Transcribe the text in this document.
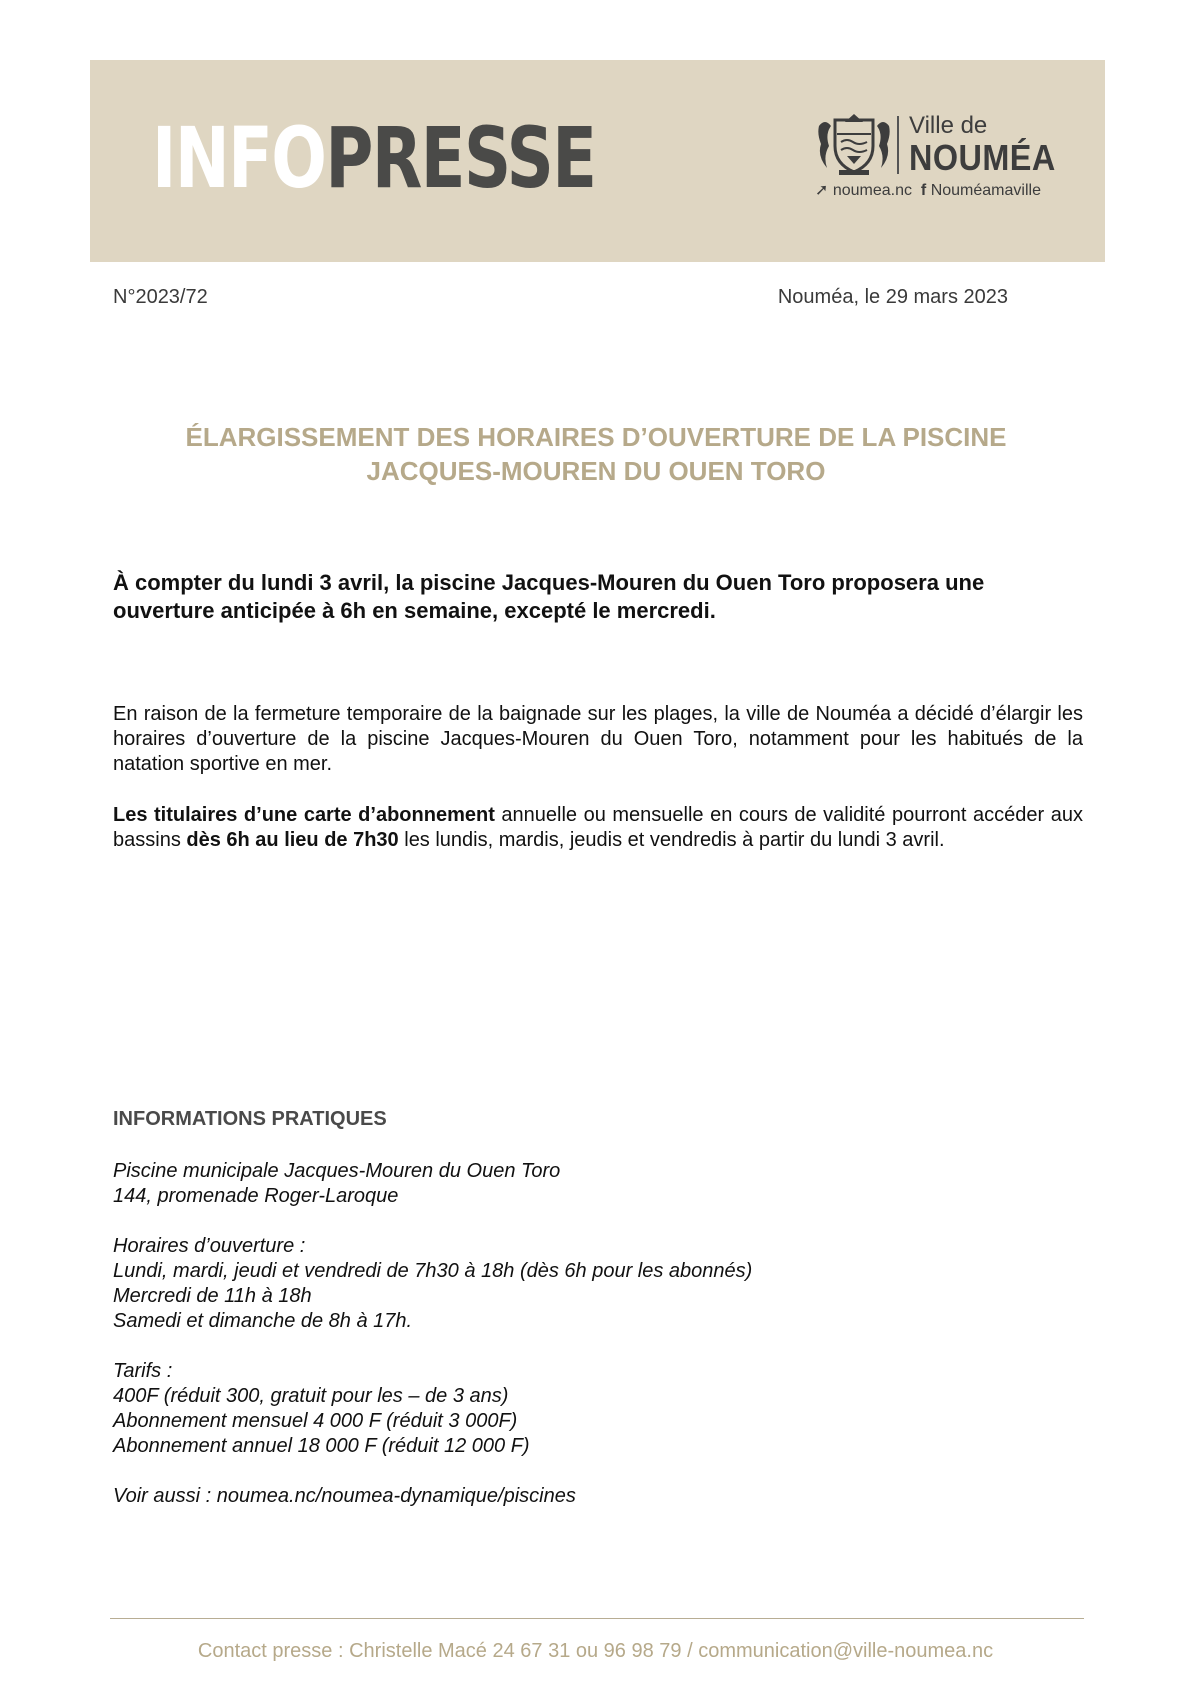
INFOPRESSE	Ville de
NOUMÉA
➚ noumea.nc f Nouméamaville
N°2023/72	Nouméa, le 29 mars 2023
ÉLARGISSEMENT DES HORAIRES D’OUVERTURE DE LA PISCINE
JACQUES-MOUREN DU OUEN TORO
À compter du lundi 3 avril, la piscine Jacques-Mouren du Ouen Toro proposera une ouverture anticipée à 6h en semaine, excepté le mercredi.
En raison de la fermeture temporaire de la baignade sur les plages, la ville de Nouméa a décidé d’élargir les horaires d’ouverture de la piscine Jacques-Mouren du Ouen Toro, notamment pour les habitués de la natation sportive en mer.
Les titulaires d’une carte d’abonnement annuelle ou mensuelle en cours de validité pourront accéder aux bassins dès 6h au lieu de 7h30 les lundis, mardis, jeudis et vendredis à partir du lundi 3 avril.
INFORMATIONS PRATIQUES
Piscine municipale Jacques-Mouren du Ouen Toro
144, promenade Roger-Laroque
Horaires d’ouverture :
Lundi, mardi, jeudi et vendredi de 7h30 à 18h (dès 6h pour les abonnés)
Mercredi de 11h à 18h
Samedi et dimanche de 8h à 17h.
Tarifs :
400F (réduit 300, gratuit pour les – de 3 ans)
Abonnement mensuel 4 000 F (réduit 3 000F)
Abonnement annuel 18 000 F (réduit 12 000 F)
Voir aussi : noumea.nc/noumea-dynamique/piscines
Contact presse : Christelle Macé 24 67 31 ou 96 98 79 / communication@ville-noumea.nc
